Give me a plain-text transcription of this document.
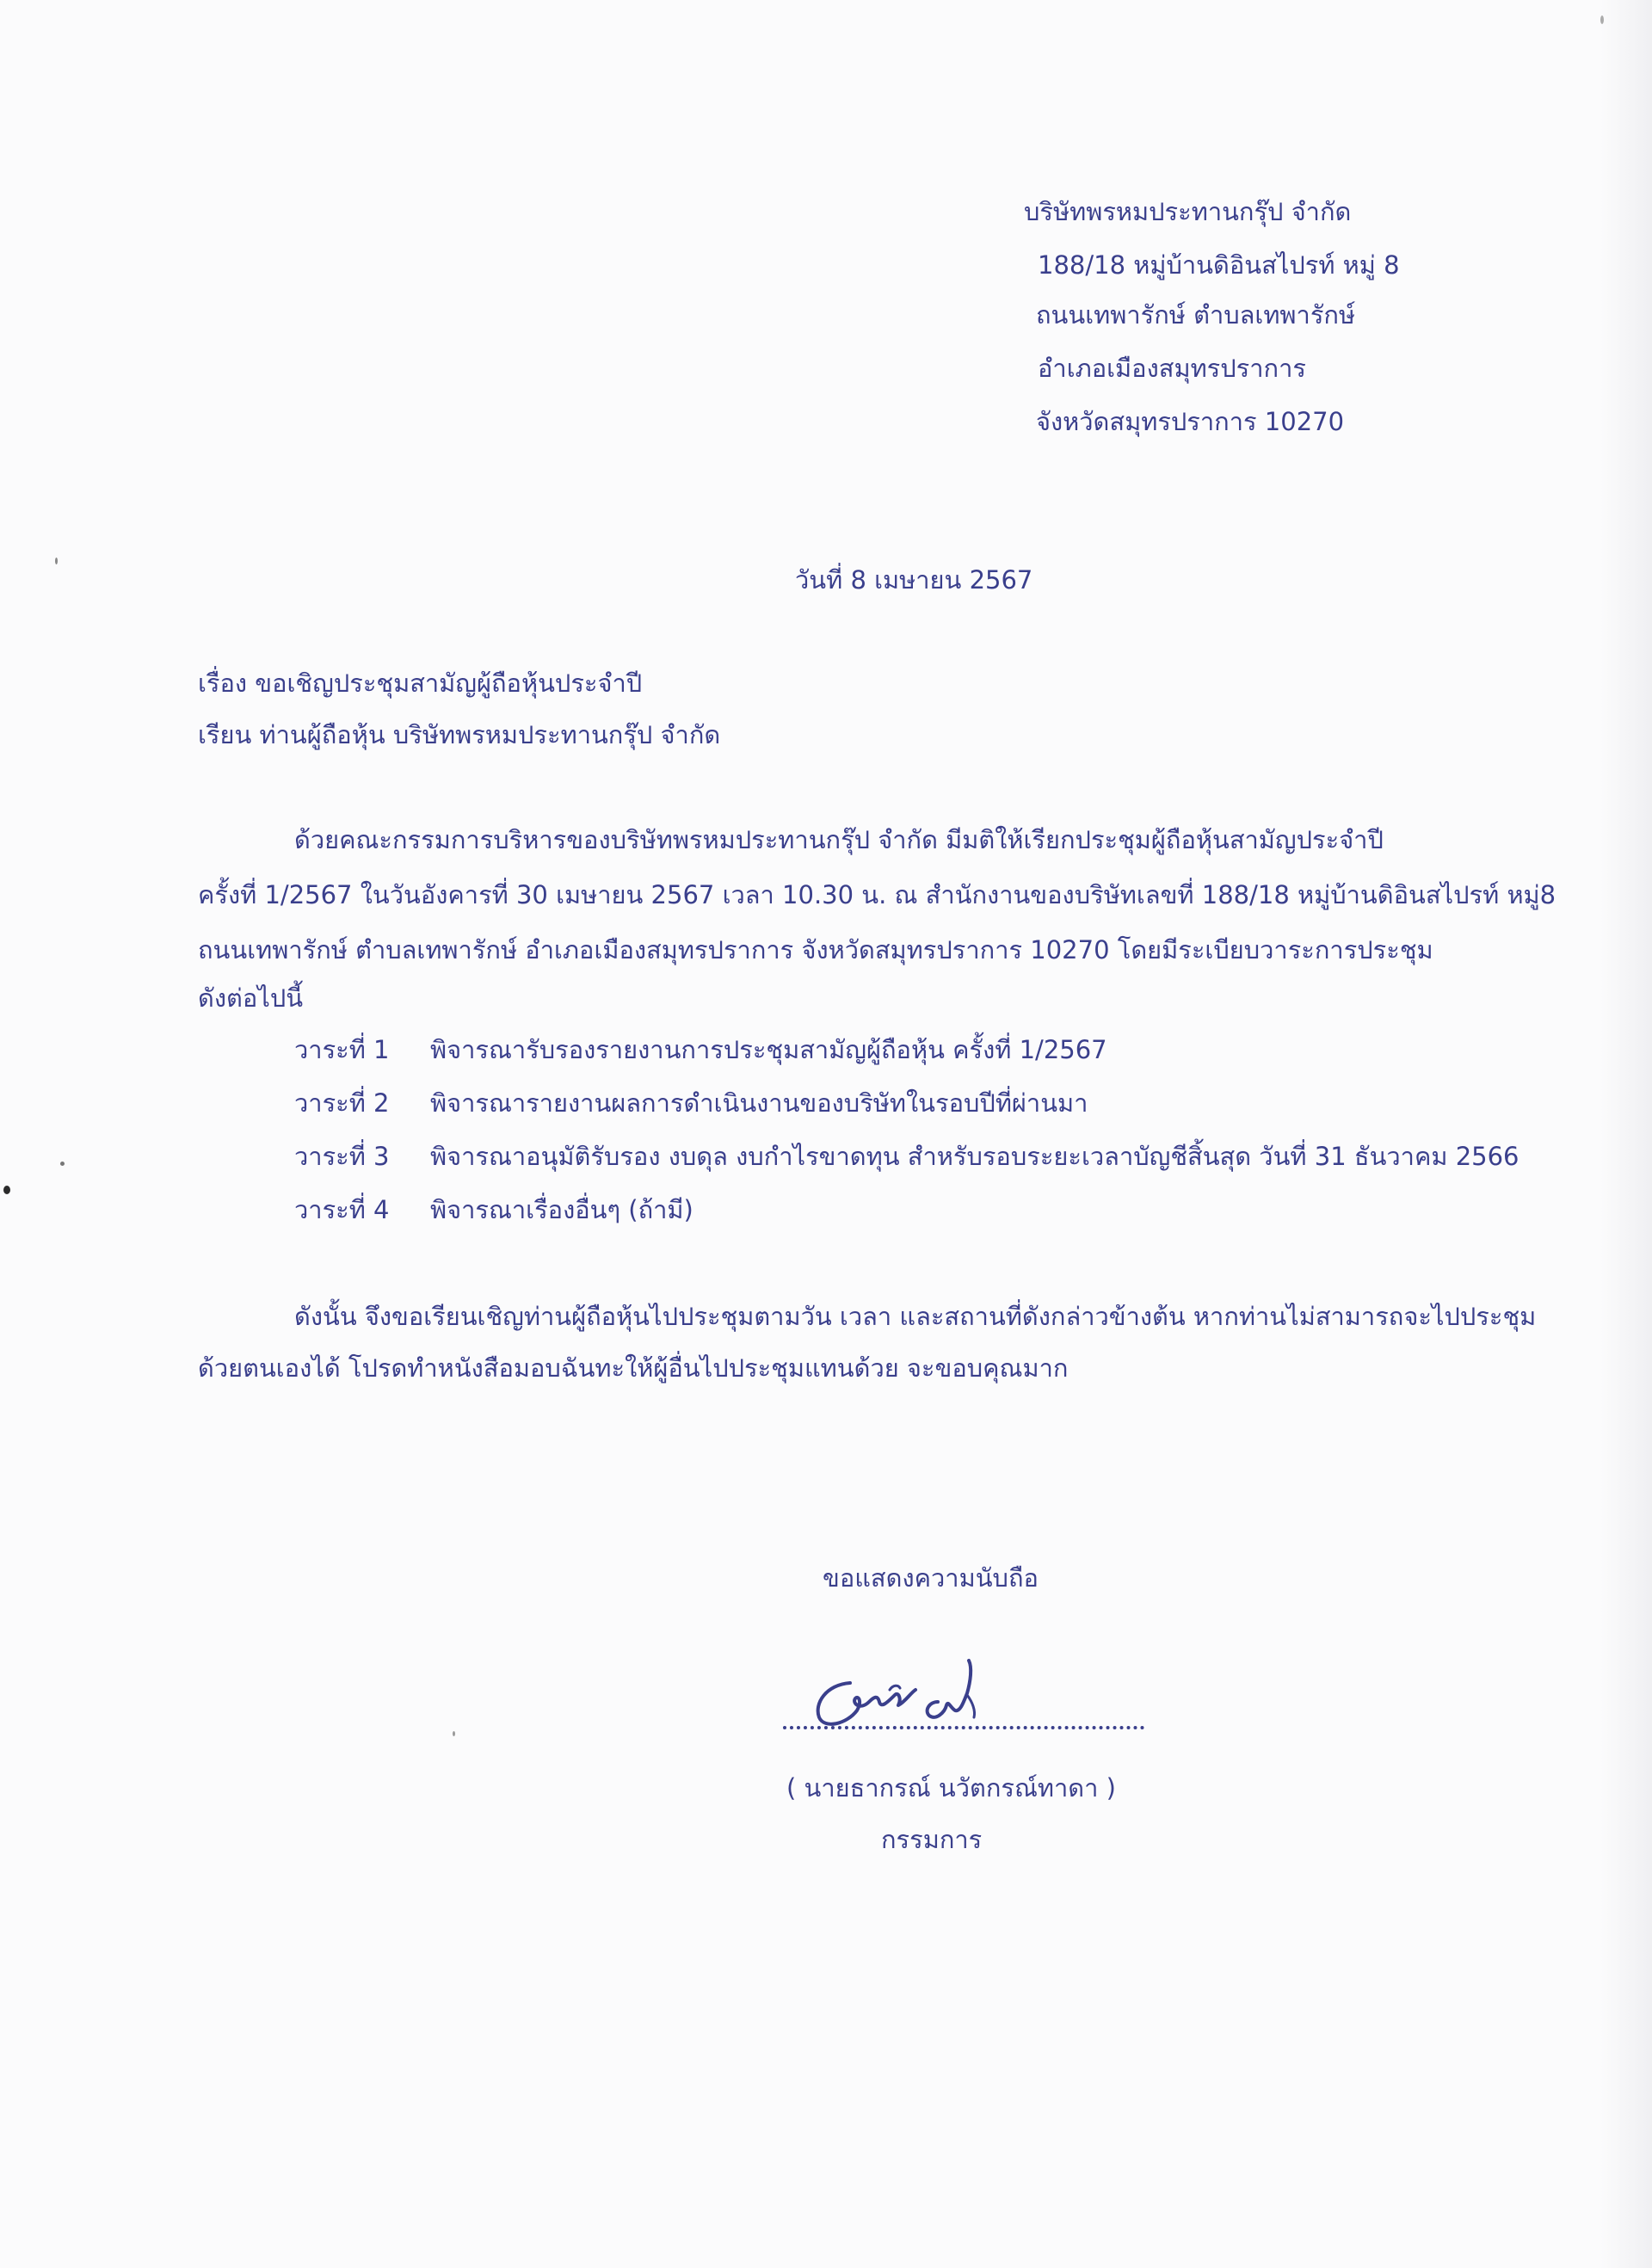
บริษัทพรหมประทานกรุ๊ป จำกัด
188/18 หมู่บ้านดิอินสไปรท์ หมู่ 8
ถนนเทพารักษ์ ตำบลเทพารักษ์
อำเภอเมืองสมุทรปราการ
จังหวัดสมุทรปราการ 10270
วันที่ 8 เมษายน 2567
เรื่อง ขอเชิญประชุมสามัญผู้ถือหุ้นประจำปี
เรียน ท่านผู้ถือหุ้น บริษัทพรหมประทานกรุ๊ป จำกัด
ด้วยคณะกรรมการบริหารของบริษัทพรหมประทานกรุ๊ป จำกัด มีมติให้เรียกประชุมผู้ถือหุ้นสามัญประจำปี
ครั้งที่ 1/2567 ในวันอังคารที่ 30 เมษายน 2567 เวลา 10.30 น. ณ สำนักงานของบริษัทเลขที่ 188/18 หมู่บ้านดิอินสไปรท์ หมู่8
ถนนเทพารักษ์ ตำบลเทพารักษ์ อำเภอเมืองสมุทรปราการ จังหวัดสมุทรปราการ 10270 โดยมีระเบียบวาระการประชุม
ดังต่อไปนี้
วาระที่ 1 พิจารณารับรองรายงานการประชุมสามัญผู้ถือหุ้น ครั้งที่ 1/2567
วาระที่ 2 พิจารณารายงานผลการดำเนินงานของบริษัทในรอบปีที่ผ่านมา
วาระที่ 3 พิจารณาอนุมัติรับรอง งบดุล งบกำไรขาดทุน สำหรับรอบระยะเวลาบัญชีสิ้นสุด วันที่ 31 ธันวาคม 2566
วาระที่ 4 พิจารณาเรื่องอื่นๆ (ถ้ามี)
ดังนั้น จึงขอเรียนเชิญท่านผู้ถือหุ้นไปประชุมตามวัน เวลา และสถานที่ดังกล่าวข้างต้น หากท่านไม่สามารถจะไปประชุม
ด้วยตนเองได้ โปรดทำหนังสือมอบฉันทะให้ผู้อื่นไปประชุมแทนด้วย จะขอบคุณมาก
ขอแสดงความนับถือ
( นายธากรณ์ นวัตกรณ์ทาดา )
กรรมการ
